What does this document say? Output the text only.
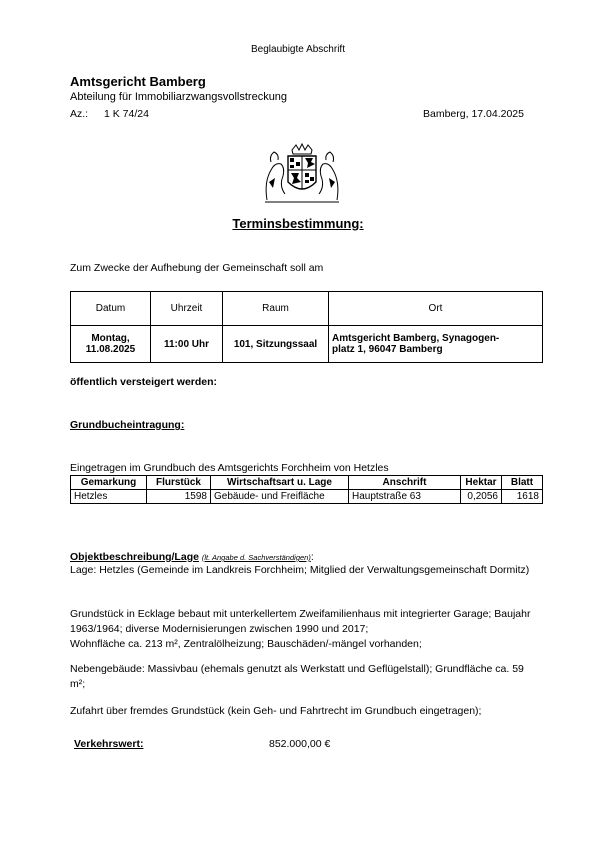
Beglaubigte Abschrift
Amtsgericht Bamberg
Abteilung für Immobiliarzwangsvollstreckung
Az.: 1 K 74/24	Bamberg, 17.04.2025
Terminsbestimmung:
Zum Zwecke der Aufhebung der Gemeinschaft soll am
Datum	Uhrzeit	Raum	Ort
Montag,
11.08.2025	11:00 Uhr	101, Sitzungssaal	Amtsgericht Bamberg, Synagogen-
platz 1, 96047 Bamberg
öffentlich versteigert werden:
Grundbucheintragung:
Eingetragen im Grundbuch des Amtsgerichts Forchheim von Hetzles
Gemarkung	Flurstück	Wirtschaftsart u. Lage	Anschrift	Hektar	Blatt
Hetzles	1598	Gebäude- und Freifläche	Hauptstraße 63	0,2056	1618
Objektbeschreibung/Lage (lt. Angabe d. Sachverständigen):
Lage: Hetzles (Gemeinde im Landkreis Forchheim; Mitglied der Verwaltungsgemeinschaft Dormitz)
Grundstück in Ecklage bebaut mit unterkellertem Zweifamilienhaus mit integrierter Garage; Baujahr 1963/1964; diverse Modernisierungen zwischen 1990 und 2017;
Wohnfläche ca. 213 m², Zentralölheizung; Bauschäden/-mängel vorhanden;
Nebengebäude: Massivbau (ehemals genutzt als Werkstatt und Geflügelstall); Grundfläche ca. 59 m²;
Zufahrt über fremdes Grundstück (kein Geh- und Fahrtrecht im Grundbuch eingetragen);
Verkehrswert:	852.000,00 €
